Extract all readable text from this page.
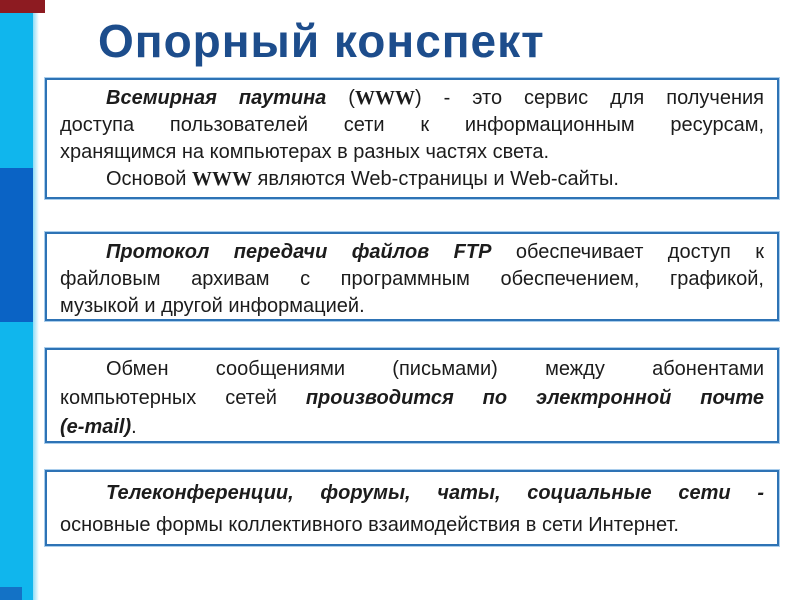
Опорный конспект
Всемирная паутина (WWW) - это сервис для получения
доступа пользователей сети к информационным ресурсам,
хранящимся на компьютерах в разных частях света.
Основой WWW являются Web-страницы и Web-сайты.
Протокол передачи файлов FTP обеспечивает доступ к
файловым архивам с программным обеспечением, графикой,
музыкой и другой информацией.
Обмен сообщениями (письмами) между абонентами
компьютерных сетей производится по электронной почте
(e-mail).
Телеконференции, форумы, чаты, социальные сети -
основные формы коллективного взаимодействия в сети Интернет.
